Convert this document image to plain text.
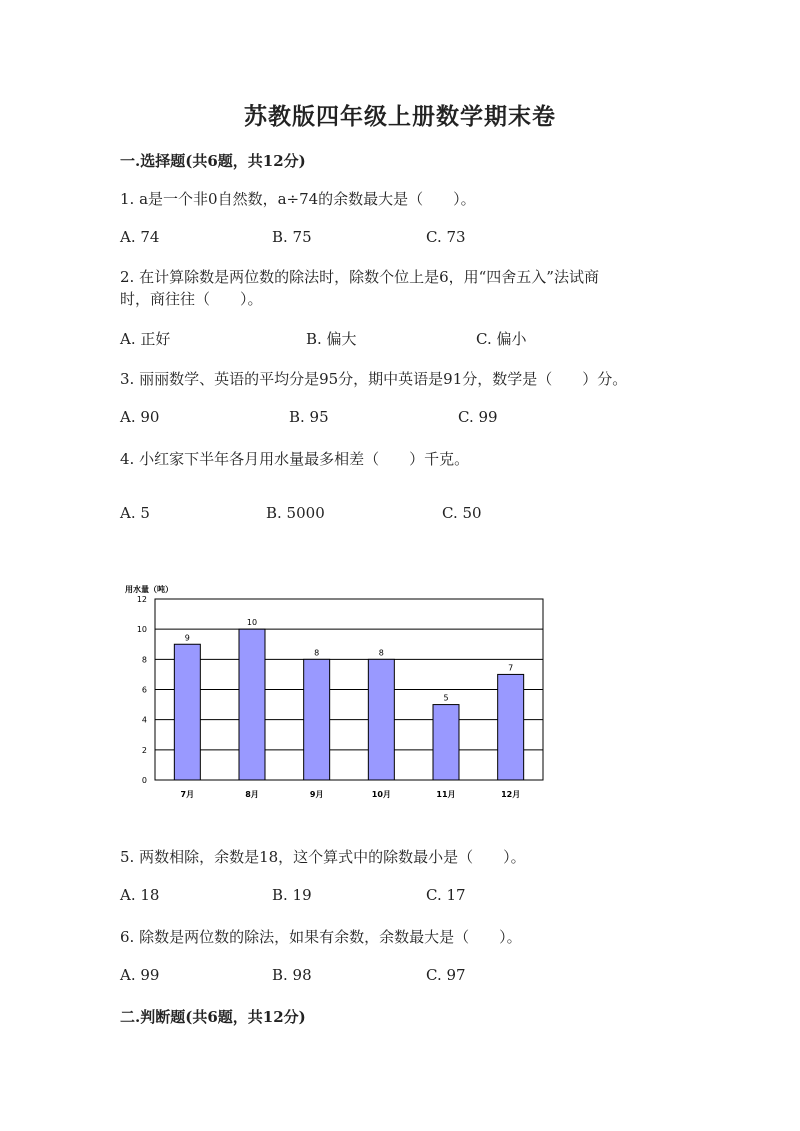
苏教版四年级上册数学期末卷
一.选择题(共6题，共12分)
1. a是一个非0自然数，a÷74的余数最大是（　　）。
A. 74	B. 75	C. 73
2. 在计算除数是两位数的除法时，除数个位上是6，用“四舍五入”法试商
时，商往往（　　）。
A. 正好	B. 偏大	C. 偏小
3. 丽丽数学、英语的平均分是95分，期中英语是91分，数学是（　　）分。
A. 90	B. 95	C. 99
4. 小红家下半年各月用水量最多相差（　　）千克。
A. 5	B. 5000	C. 50
用水量（吨）
9
10
8	8
5
7
0
2
4
6
8
10
12
7月	8月	9月	10月	11月	12月
5. 两数相除，余数是18，这个算式中的除数最小是（　　）。
A. 18	B. 19	C. 17
6. 除数是两位数的除法，如果有余数，余数最大是（　　）。
A. 99	B. 98	C. 97
二.判断题(共6题，共12分)
